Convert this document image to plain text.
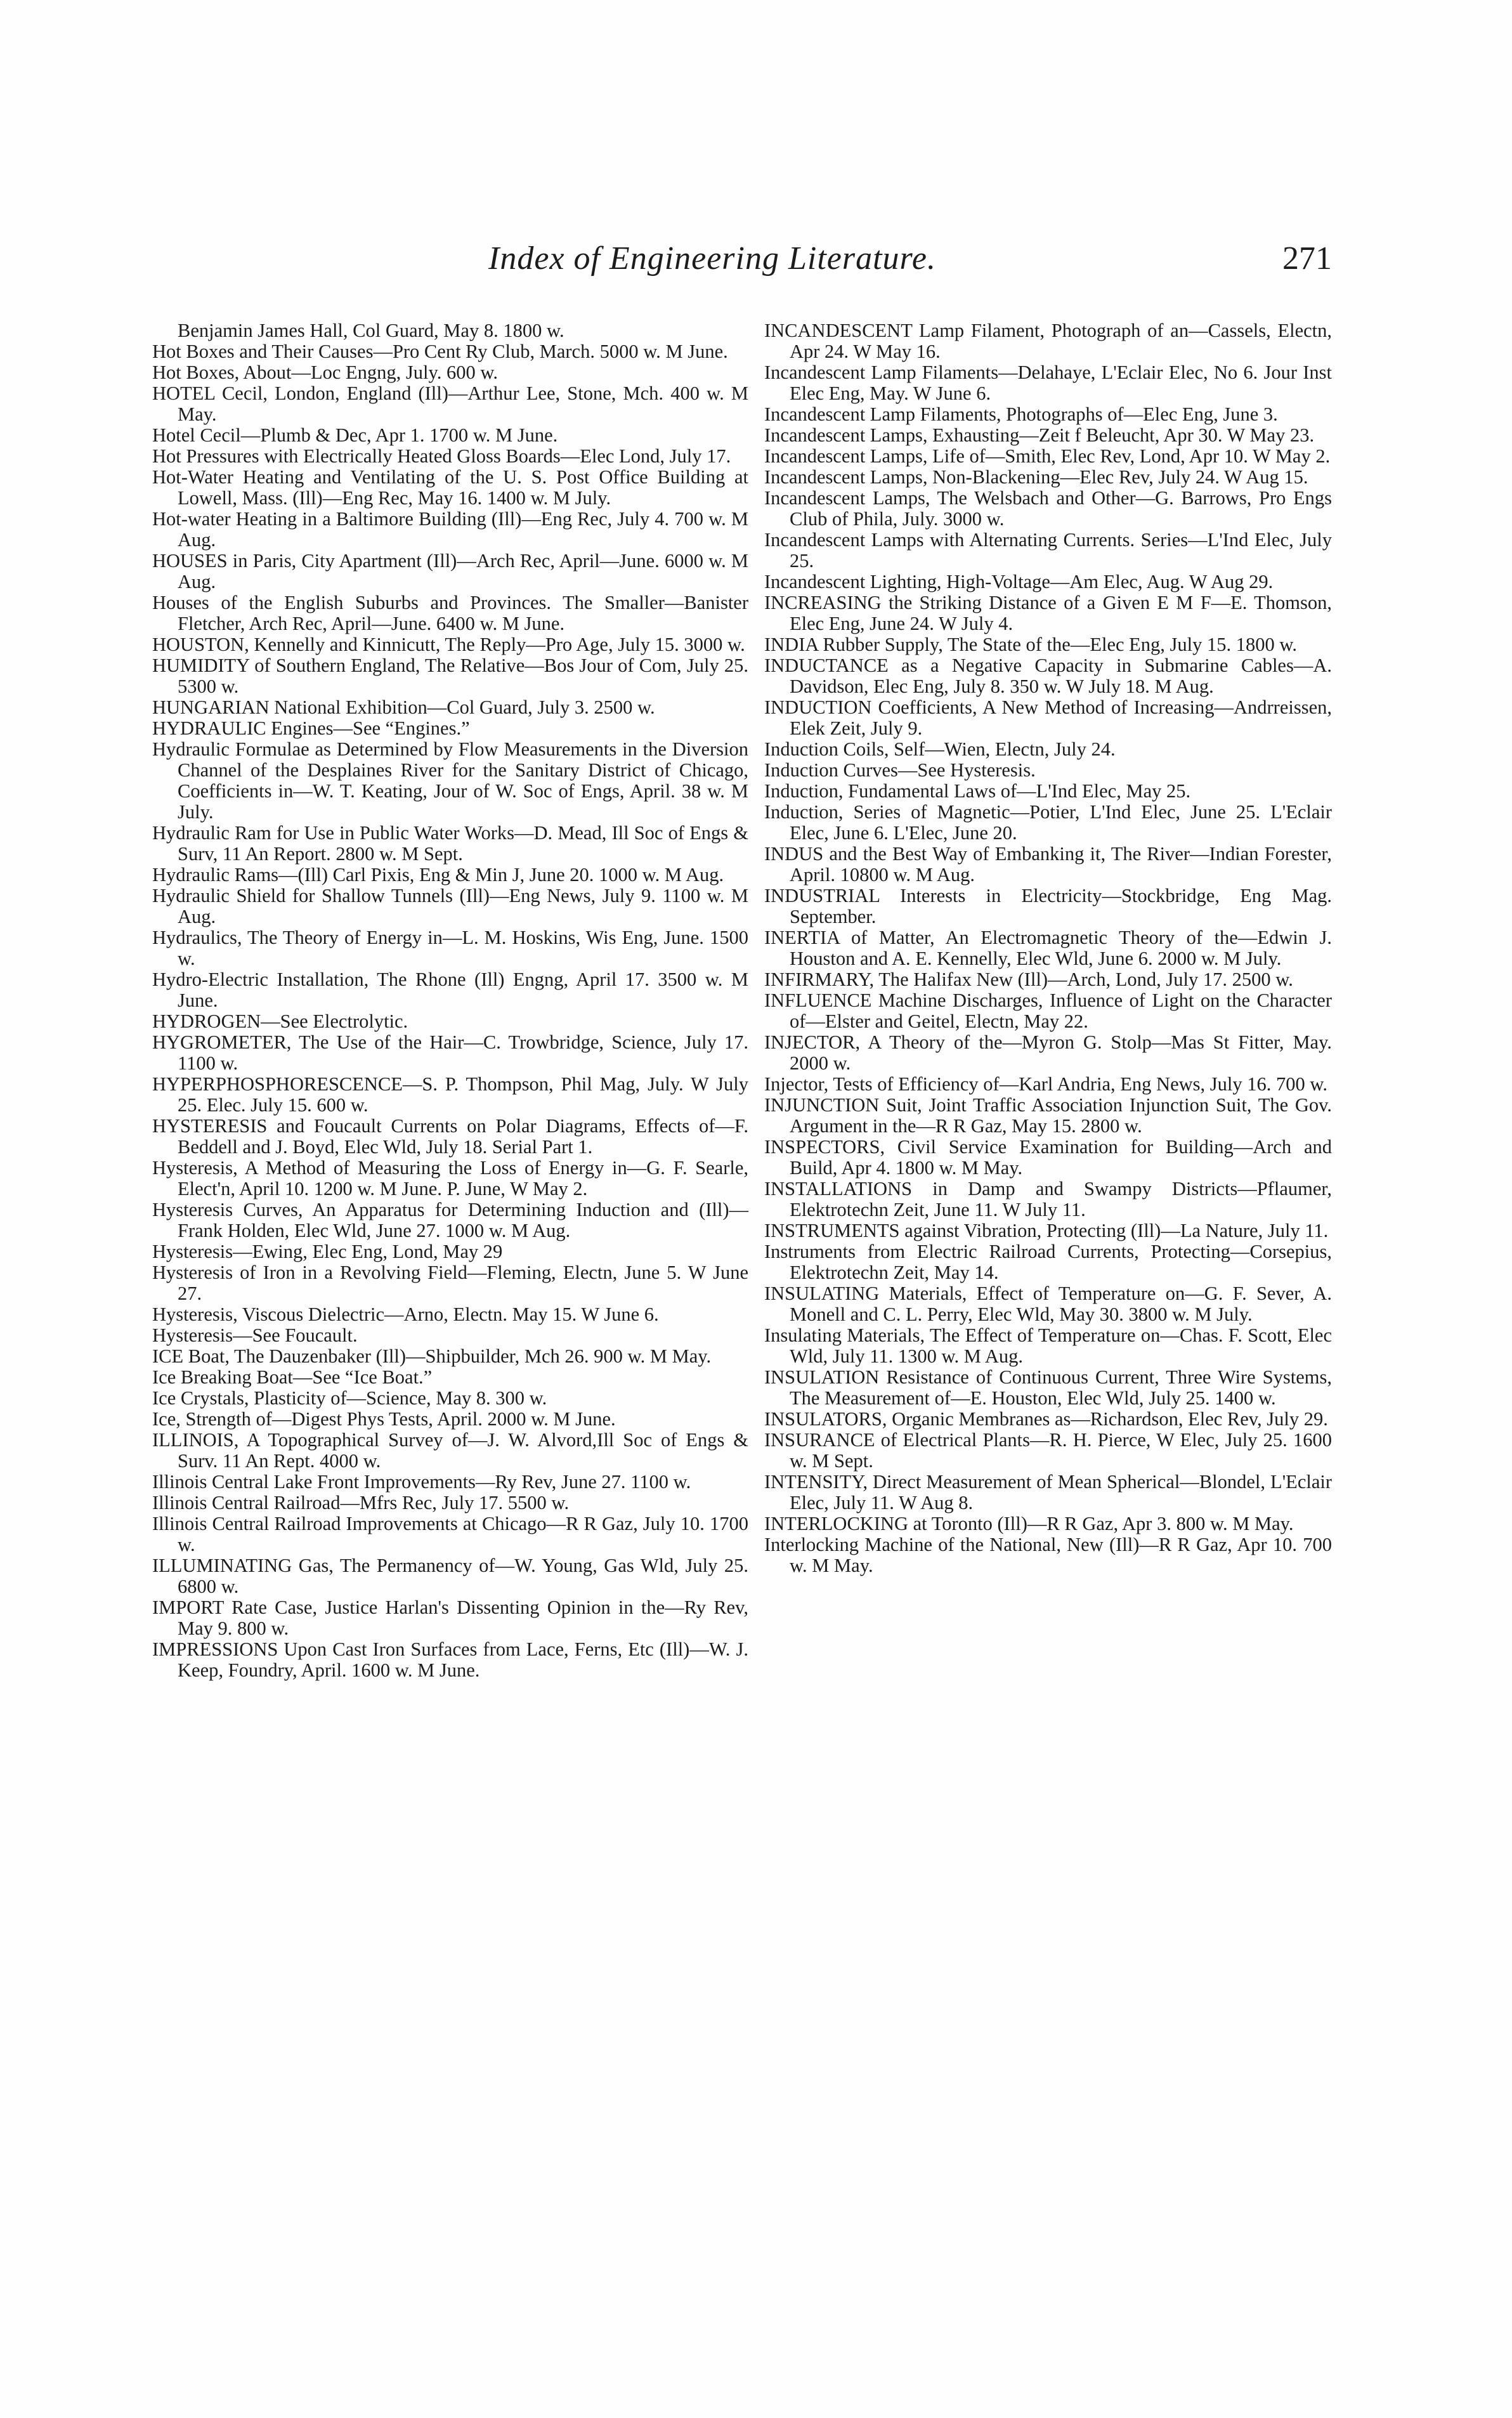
Index of Engineering Literature.	271

Benjamin James Hall, Col Guard, May 8. 1800 w.

Hot Boxes and Their Causes—Pro Cent Ry Club, March. 5000 w. M June.

Hot Boxes, About—Loc Engng, July. 600 w.

HOTEL Cecil, London, England (Ill)—Arthur Lee, Stone, Mch. 400 w. M May.

Hotel Cecil—Plumb & Dec, Apr 1. 1700 w. M June.

Hot Pressures with Electrically Heated Gloss Boards—Elec Lond, July 17.

Hot-Water Heating and Ventilating of the U. S. Post Office Building at Lowell, Mass. (Ill)—Eng Rec, May 16. 1400 w. M July.

Hot-water Heating in a Baltimore Building (Ill)—Eng Rec, July 4. 700 w. M Aug.

HOUSES in Paris, City Apartment (Ill)—Arch Rec, April—June. 6000 w. M Aug.

Houses of the English Suburbs and Provinces. The Smaller—Banister Fletcher, Arch Rec, April—June. 6400 w. M June.

HOUSTON, Kennelly and Kinnicutt, The Reply—Pro Age, July 15. 3000 w.

HUMIDITY of Southern England, The Relative—Bos Jour of Com, July 25. 5300 w.

HUNGARIAN National Exhibition—Col Guard, July 3. 2500 w.

HYDRAULIC Engines—See “Engines.”

Hydraulic Formulae as Determined by Flow Measurements in the Diversion Channel of the Desplaines River for the Sanitary District of Chicago, Coefficients in—W. T. Keating, Jour of W. Soc of Engs, April. 38 w. M July.

Hydraulic Ram for Use in Public Water Works—D. Mead, Ill Soc of Engs & Surv, 11 An Report. 2800 w. M Sept.

Hydraulic Rams—(Ill) Carl Pixis, Eng & Min J, June 20. 1000 w. M Aug.

Hydraulic Shield for Shallow Tunnels (Ill)—Eng News, July 9. 1100 w. M Aug.

Hydraulics, The Theory of Energy in—L. M. Hoskins, Wis Eng, June. 1500 w.

Hydro-Electric Installation, The Rhone (Ill) Engng, April 17. 3500 w. M June.

HYDROGEN—See Electrolytic.

HYGROMETER, The Use of the Hair—C. Trowbridge, Science, July 17. 1100 w.

HYPERPHOSPHORESCENCE—S. P. Thompson, Phil Mag, July. W July 25. Elec. July 15. 600 w.

HYSTERESIS and Foucault Currents on Polar Diagrams, Effects of—F. Beddell and J. Boyd, Elec Wld, July 18. Serial Part 1.

Hysteresis, A Method of Measuring the Loss of Energy in—G. F. Searle, Elect'n, April 10. 1200 w. M June. P. June, W May 2.

Hysteresis Curves, An Apparatus for Determining Induction and (Ill)—Frank Holden, Elec Wld, June 27. 1000 w. M Aug.

Hysteresis—Ewing, Elec Eng, Lond, May 29

Hysteresis of Iron in a Revolving Field—Fleming, Electn, June 5. W June 27.

Hysteresis, Viscous Dielectric—Arno, Electn. May 15. W June 6.

Hysteresis—See Foucault.

ICE Boat, The Dauzenbaker (Ill)—Shipbuilder, Mch 26. 900 w. M May.

Ice Breaking Boat—See “Ice Boat.”

Ice Crystals, Plasticity of—Science, May 8. 300 w.

Ice, Strength of—Digest Phys Tests, April. 2000 w. M June.

ILLINOIS, A Topographical Survey of—J. W. Alvord,Ill Soc of Engs & Surv. 11 An Rept. 4000 w.

Illinois Central Lake Front Improvements—Ry Rev, June 27. 1100 w.

Illinois Central Railroad—Mfrs Rec, July 17. 5500 w.

Illinois Central Railroad Improvements at Chicago—R R Gaz, July 10. 1700 w.

ILLUMINATING Gas, The Permanency of—W. Young, Gas Wld, July 25. 6800 w.

IMPORT Rate Case, Justice Harlan's Dissenting Opinion in the—Ry Rev, May 9. 800 w.

IMPRESSIONS Upon Cast Iron Surfaces from Lace, Ferns, Etc (Ill)—W. J. Keep, Foundry, April. 1600 w. M June.

INCANDESCENT Lamp Filament, Photograph of an—Cassels, Electn, Apr 24. W May 16.

Incandescent Lamp Filaments—Delahaye, L'Eclair Elec, No 6. Jour Inst Elec Eng, May. W June 6.

Incandescent Lamp Filaments, Photographs of—Elec Eng, June 3.

Incandescent Lamps, Exhausting—Zeit f Beleucht, Apr 30. W May 23.

Incandescent Lamps, Life of—Smith, Elec Rev, Lond, Apr 10. W May 2.

Incandescent Lamps, Non-Blackening—Elec Rev, July 24. W Aug 15.

Incandescent Lamps, The Welsbach and Other—G. Barrows, Pro Engs Club of Phila, July. 3000 w.

Incandescent Lamps with Alternating Currents. Series—L'Ind Elec, July 25.

Incandescent Lighting, High-Voltage—Am Elec, Aug. W Aug 29.

INCREASING the Striking Distance of a Given E M F—E. Thomson, Elec Eng, June 24. W July 4.

INDIA Rubber Supply, The State of the—Elec Eng, July 15. 1800 w.

INDUCTANCE as a Negative Capacity in Submarine Cables—A. Davidson, Elec Eng, July 8. 350 w. W July 18. M Aug.

INDUCTION Coefficients, A New Method of Increasing—Andrreissen, Elek Zeit, July 9.

Induction Coils, Self—Wien, Electn, July 24.

Induction Curves—See Hysteresis.

Induction, Fundamental Laws of—L'Ind Elec, May 25.

Induction, Series of Magnetic—Potier, L'Ind Elec, June 25. L'Eclair Elec, June 6. L'Elec, June 20.

INDUS and the Best Way of Embanking it, The River—Indian Forester, April. 10800 w. M Aug.

INDUSTRIAL Interests in Electricity—Stockbridge, Eng Mag. September.

INERTIA of Matter, An Electromagnetic Theory of the—Edwin J. Houston and A. E. Kennelly, Elec Wld, June 6. 2000 w. M July.

INFIRMARY, The Halifax New (Ill)—Arch, Lond, July 17. 2500 w.

INFLUENCE Machine Discharges, Influence of Light on the Character of—Elster and Geitel, Electn, May 22.

INJECTOR, A Theory of the—Myron G. Stolp—Mas St Fitter, May. 2000 w.

Injector, Tests of Efficiency of—Karl Andria, Eng News, July 16. 700 w.

INJUNCTION Suit, Joint Traffic Association Injunction Suit, The Gov. Argument in the—R R Gaz, May 15. 2800 w.

INSPECTORS, Civil Service Examination for Building—Arch and Build, Apr 4. 1800 w. M May.

INSTALLATIONS in Damp and Swampy Districts—Pflaumer, Elektrotechn Zeit, June 11. W July 11.

INSTRUMENTS against Vibration, Protecting (Ill)—La Nature, July 11.

Instruments from Electric Railroad Currents, Protecting—Corsepius, Elektrotechn Zeit, May 14.

INSULATING Materials, Effect of Temperature on—G. F. Sever, A. Monell and C. L. Perry, Elec Wld, May 30. 3800 w. M July.

Insulating Materials, The Effect of Temperature on—Chas. F. Scott, Elec Wld, July 11. 1300 w. M Aug.

INSULATION Resistance of Continuous Current, Three Wire Systems, The Measurement of—E. Houston, Elec Wld, July 25. 1400 w.

INSULATORS, Organic Membranes as—Richardson, Elec Rev, July 29.

INSURANCE of Electrical Plants—R. H. Pierce, W Elec, July 25. 1600 w. M Sept.

INTENSITY, Direct Measurement of Mean Spherical—Blondel, L'Eclair Elec, July 11. W Aug 8.

INTERLOCKING at Toronto (Ill)—R R Gaz, Apr 3. 800 w. M May.

Interlocking Machine of the National, New (Ill)—R R Gaz, Apr 10. 700 w. M May.
